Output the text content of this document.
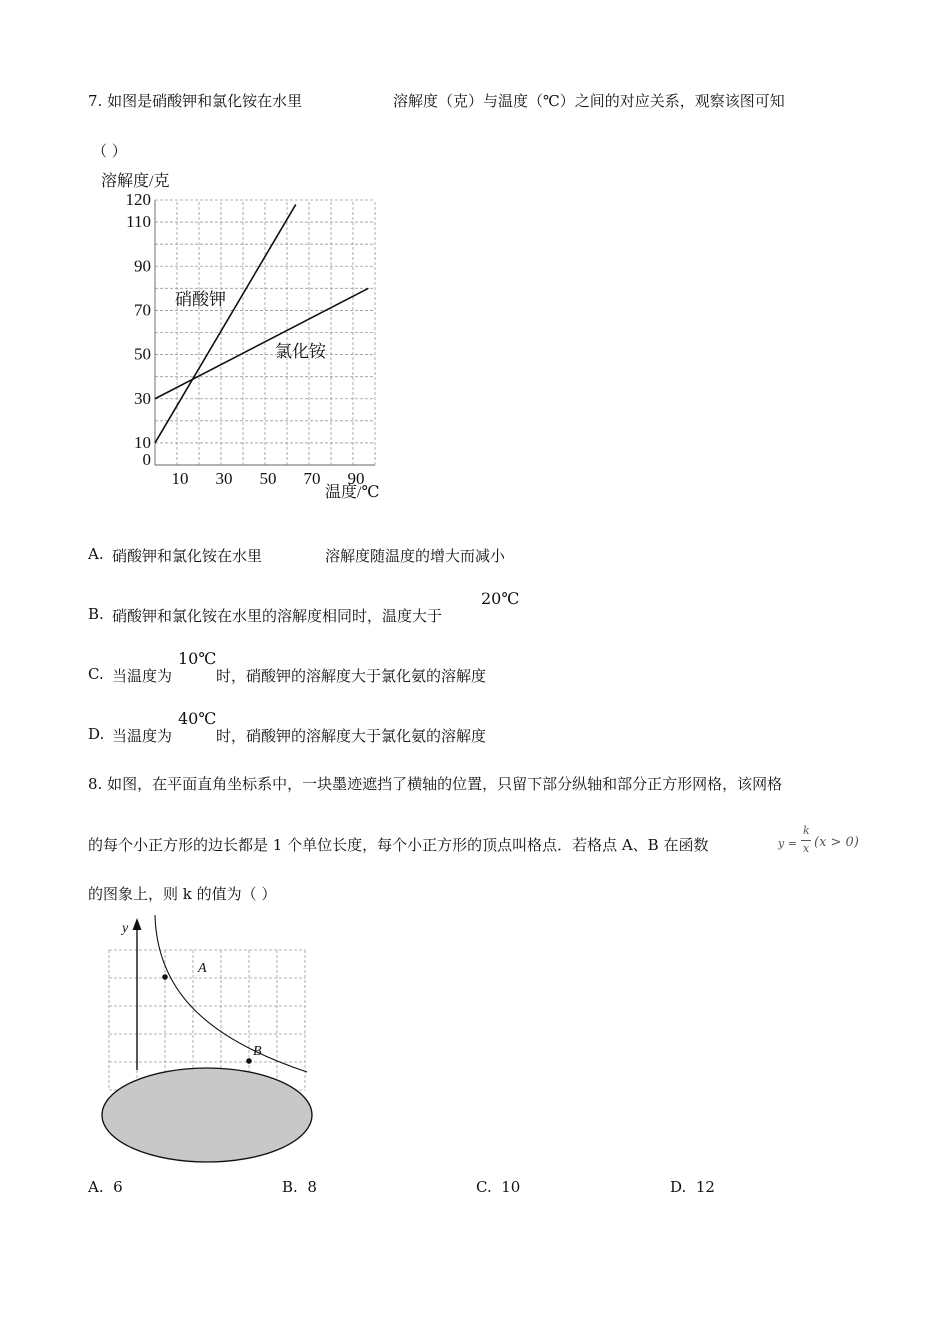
7. 如图是硝酸钾和氯化铵在水里	溶解度（克）与温度（℃）之间的对应关系，观察该图可知
（ ）
溶解度/克
0
10
30
50
70
90
110
120
10 30 50 70 90
硝酸钾
氯化铵
温度/℃
A. 硝酸钾和氯化铵在水里	溶解度随温度的增大而减小
B. 硝酸钾和氯化铵在水里的溶解度相同时，温度大于
20℃
C. 当温度为
10℃
时，硝酸钾的溶解度大于氯化氨的溶解度
D. 当温度为
40℃
时，硝酸钾的溶解度大于氯化氨的溶解度
8. 如图，在平面直角坐标系中，一块墨迹遮挡了横轴的位置，只留下部分纵轴和部分正方形网格，该网格
的每个小正方形的边长都是 1 个单位长度，每个小正方形的顶点叫格点．若格点 A、B 在函数	y =
k
x (x > 0)
的图象上，则 k 的值为（ ）
y
A
B
A. 6	B. 8	C. 10	D. 12
